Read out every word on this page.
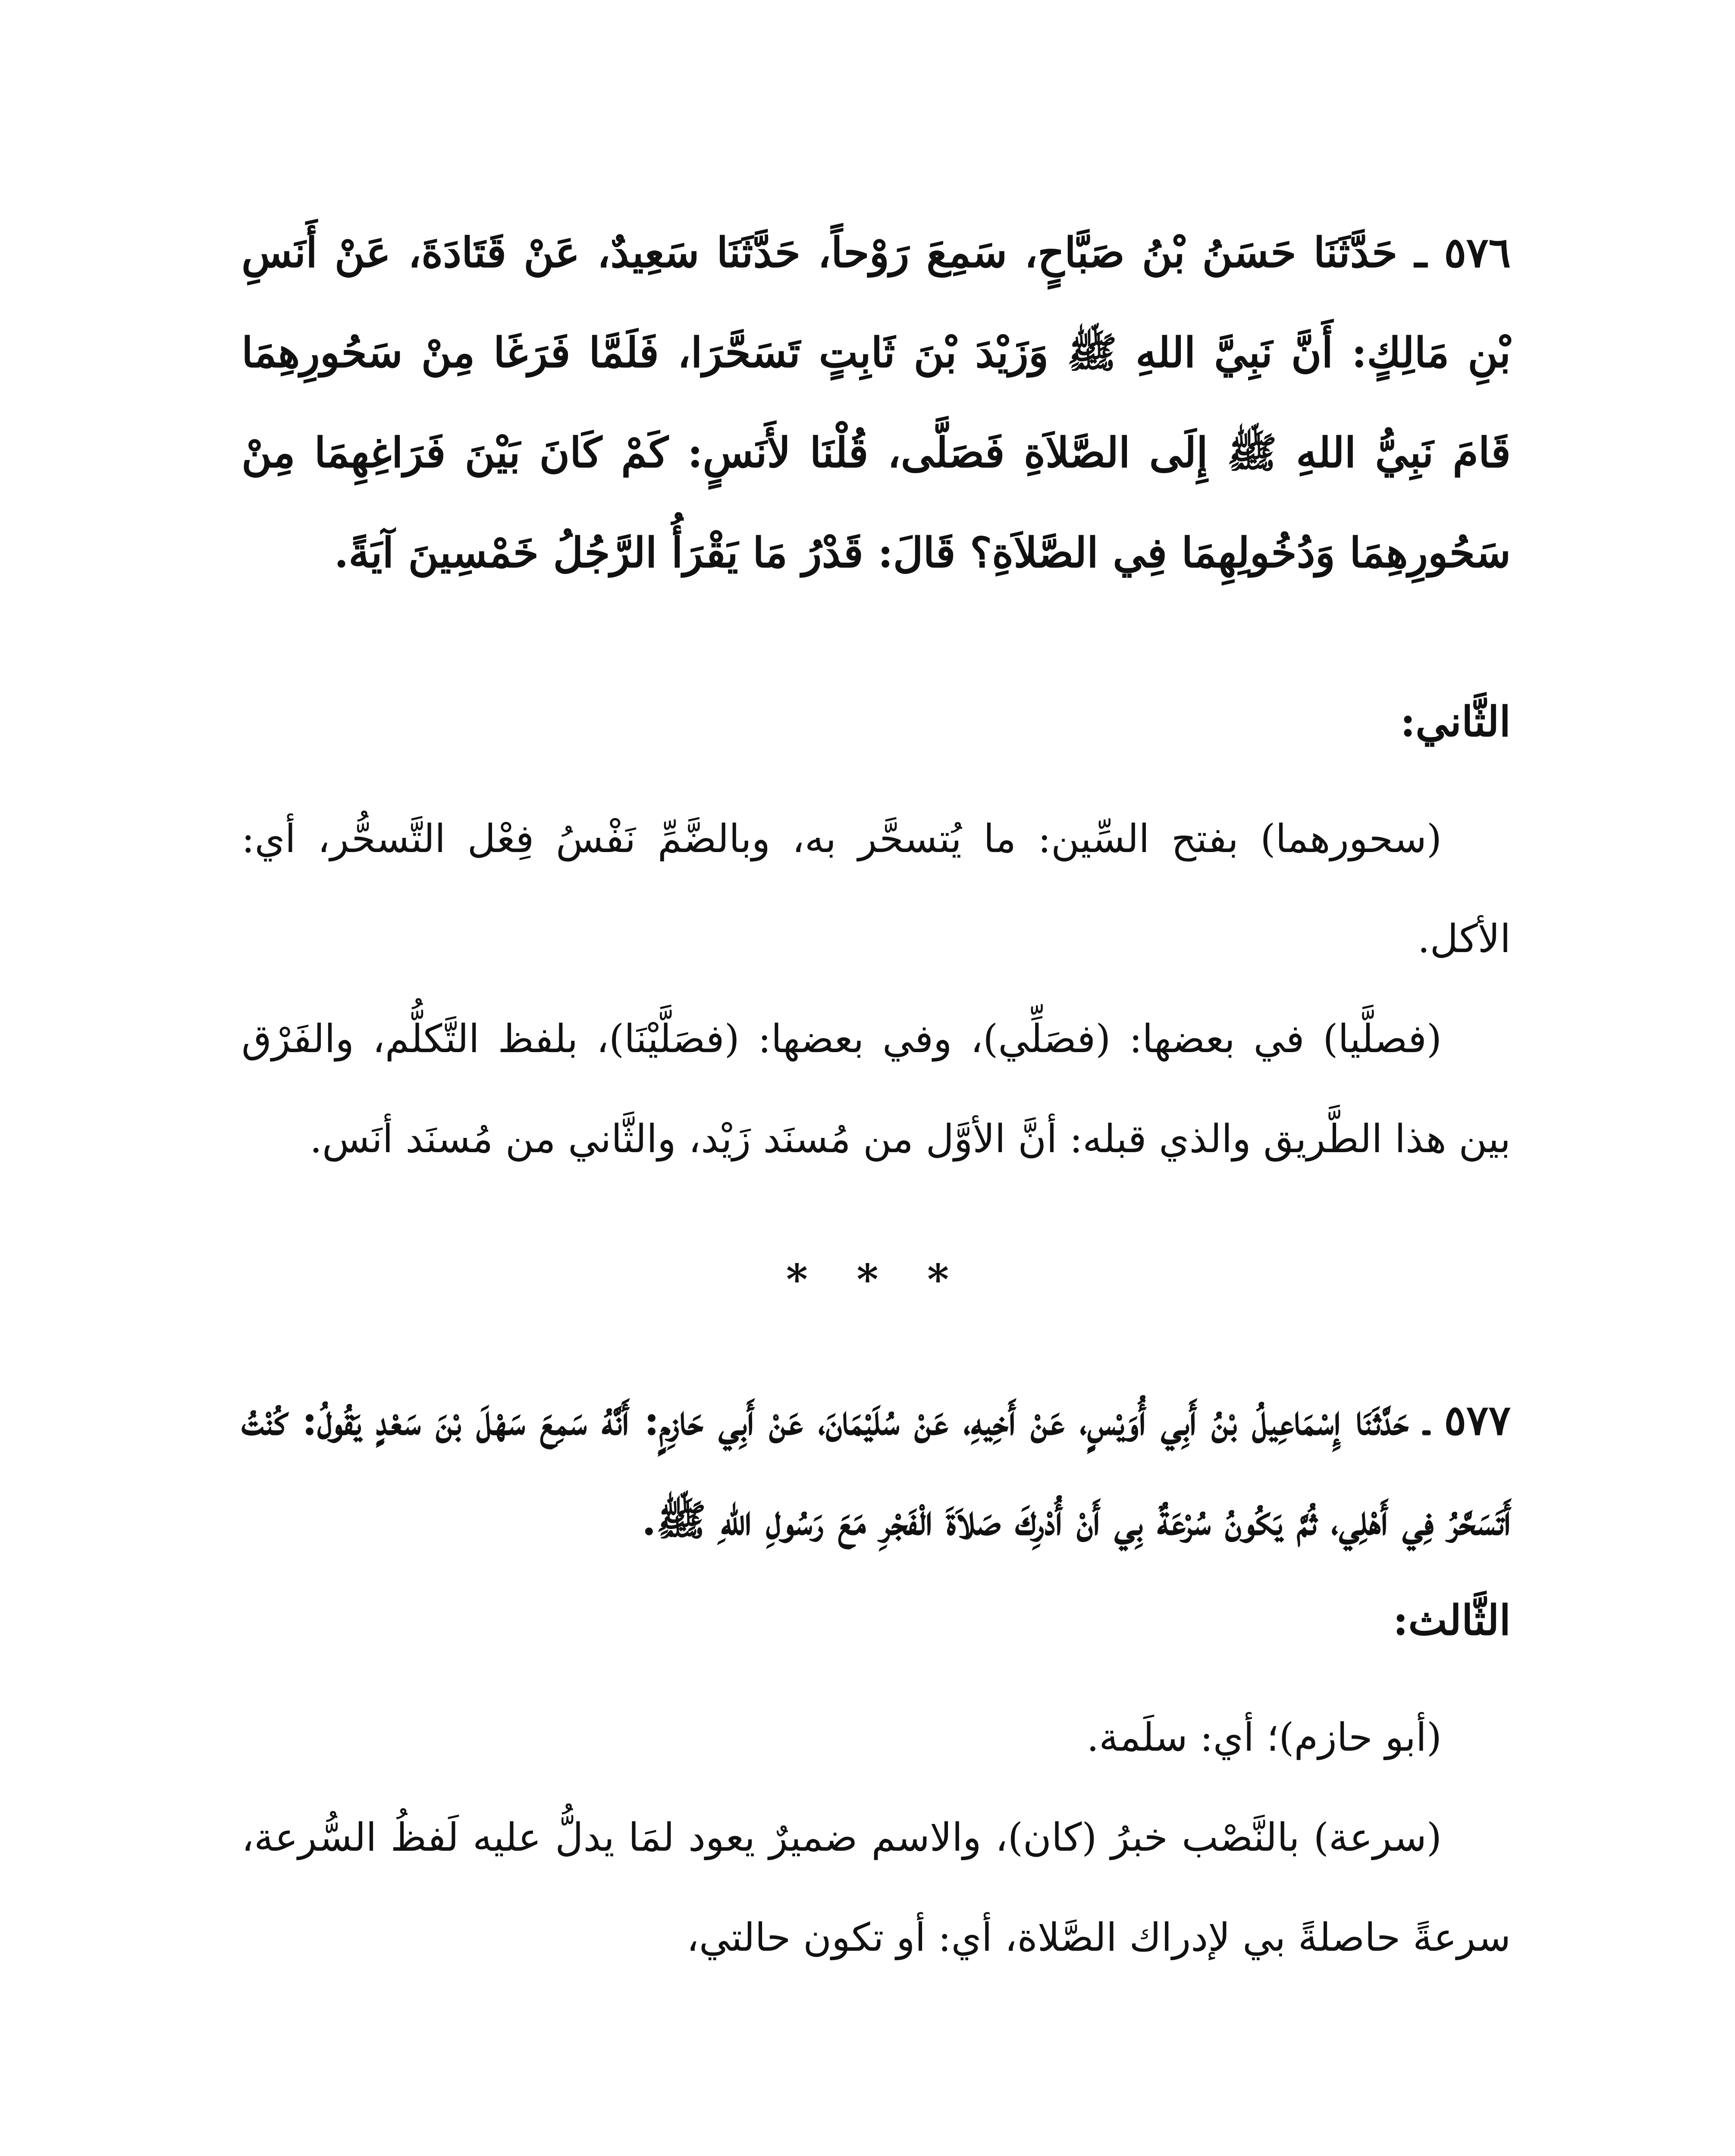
٥٧٦ ـ حَدَّثَنَا حَسَنُ بْنُ صَبَّاحٍ، سَمِعَ رَوْحاً، حَدَّثَنَا سَعِيدٌ، عَنْ قَتَادَةَ، عَنْ أَنَسِ بْنِ مَالِكٍ: أَنَّ نَبِيَّ اللهِ ﷺ وَزَيْدَ بْنَ ثَابِتٍ تَسَحَّرَا، فَلَمَّا فَرَغَا مِنْ سَحُورِهِمَا قَامَ نَبِيُّ اللهِ ﷺ إِلَى الصَّلاَةِ فَصَلَّى، قُلْنَا لأَنَسٍ: كَمْ كَانَ بَيْنَ فَرَاغِهِمَا مِنْ سَحُورِهِمَا وَدُخُولِهِمَا فِي الصَّلاَةِ؟ قَالَ: قَدْرُ مَا يَقْرَأُ الرَّجُلُ خَمْسِينَ آيَةً.

الثَّاني:

(سحورهما) بفتح السِّين: ما يُتسحَّر به، وبالضَّمِّ نَفْسُ فِعْل التَّسحُّر، أي: الأكل.

(فصلَّيا) في بعضها: (فصَلِّي)، وفي بعضها: (فصَلَّيْنَا)، بلفظ التَّكلُّم، والفَرْق بين هذا الطَّريق والذي قبله: أنَّ الأوَّل من مُسنَد زَيْد، والثَّاني من مُسنَد أنَس.

* * *

٥٧٧ ـ حَدَّثَنَا إِسْمَاعِيلُ بْنُ أَبِي أُوَيْسٍ، عَنْ أَخِيهِ، عَنْ سُلَيْمَانَ، عَنْ أَبِي حَازِمٍ: أَنَّهُ سَمِعَ سَهْلَ بْنَ سَعْدٍ يَقُولُ: كُنْتُ أَتَسَحَّرُ فِي أَهْلِي، ثُمَّ يَكُونُ سُرْعَةٌ بِي أَنْ أُدْرِكَ صَلاَةَ الْفَجْرِ مَعَ رَسُولِ اللهِ ﷺ.

الثَّالث:

(أبو حازم)؛ أي: سلَمة.

(سرعة) بالنَّصْب خبرُ (كان)، والاسم ضميرٌ يعود لمَا يدلُّ عليه لَفظُ السُّرعة، سرعةً حاصلةً بي لإدراك الصَّلاة، أي: أو تكون حالتي،
